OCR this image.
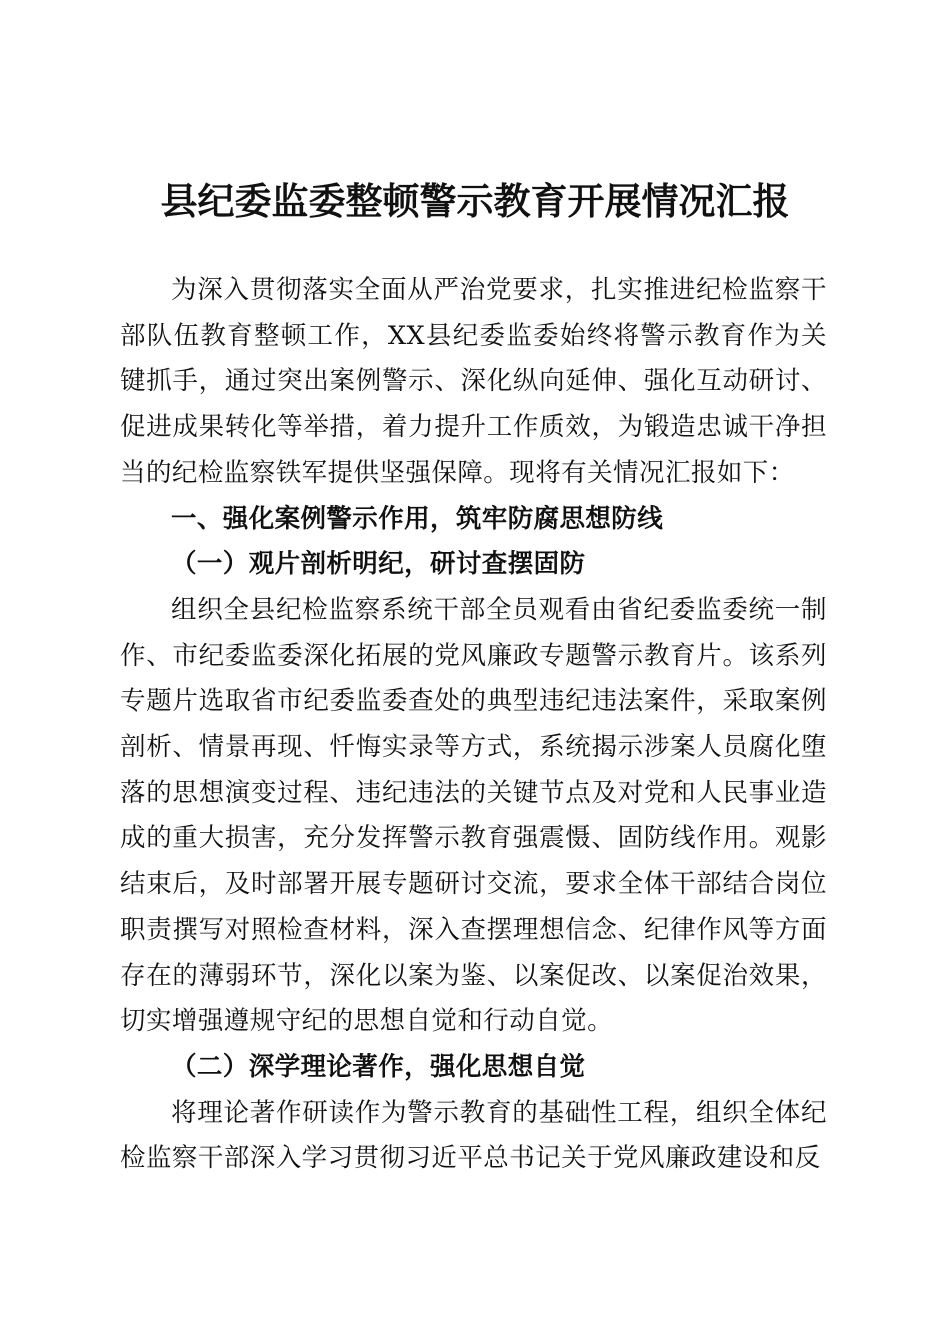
县纪委监委整顿警示教育开展情况汇报

为深入贯彻落实全面从严治党要求，扎实推进纪检监察干部队伍教育整顿工作，XX县纪委监委始终将警示教育作为关键抓手，通过突出案例警示、深化纵向延伸、强化互动研讨、促进成果转化等举措，着力提升工作质效，为锻造忠诚干净担当的纪检监察铁军提供坚强保障。现将有关情况汇报如下：

一、强化案例警示作用，筑牢防腐思想防线

（一）观片剖析明纪，研讨查摆固防

组织全县纪检监察系统干部全员观看由省纪委监委统一制作、市纪委监委深化拓展的党风廉政专题警示教育片。该系列专题片选取省市纪委监委查处的典型违纪违法案件，采取案例剖析、情景再现、忏悔实录等方式，系统揭示涉案人员腐化堕落的思想演变过程、违纪违法的关键节点及对党和人民事业造成的重大损害，充分发挥警示教育强震慑、固防线作用。观影结束后，及时部署开展专题研讨交流，要求全体干部结合岗位职责撰写对照检查材料，深入查摆理想信念、纪律作风等方面存在的薄弱环节，深化以案为鉴、以案促改、以案促治效果，切实增强遵规守纪的思想自觉和行动自觉。

（二）深学理论著作，强化思想自觉

将理论著作研读作为警示教育的基础性工程，组织全体纪检监察干部深入学习贯彻习近平总书记关于党风廉政建设和反
